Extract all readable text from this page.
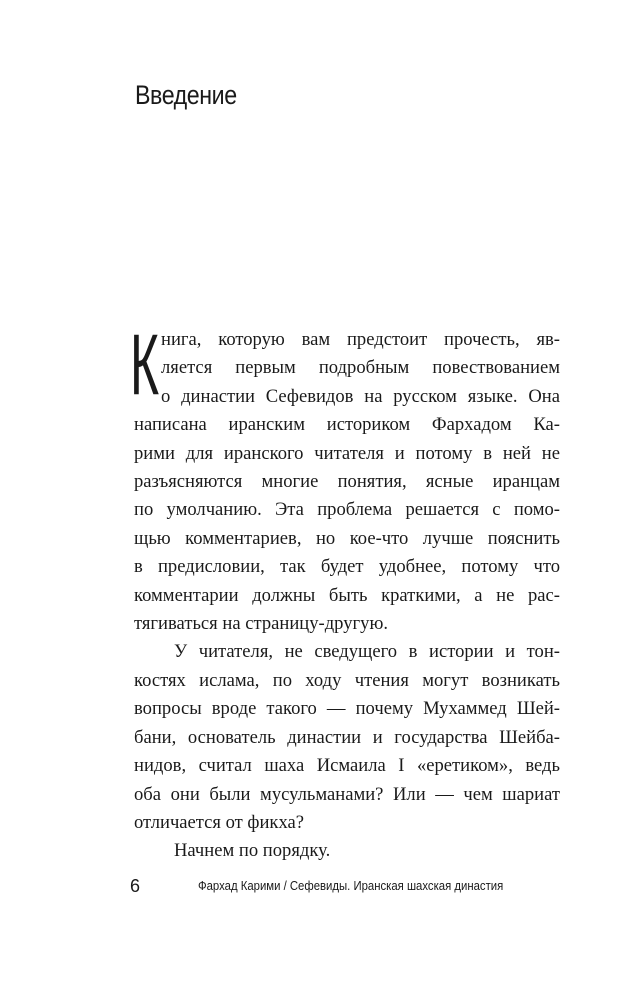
Введение
К нига, которую вам предстоит прочесть, яв-
ляется первым подробным повествованием
о династии Сефевидов на русском языке. Она
написана иранским историком Фархадом Ка-
рими для иранского читателя и потому в ней не
разъясняются многие понятия, ясные иранцам
по умолчанию. Эта проблема решается с помо-
щью комментариев, но кое-что лучше пояснить
в предисловии, так будет удобнее, потому что
комментарии должны быть краткими, а не рас-
тягиваться на страницу-другую.

У читателя, не сведущего в истории и тон-
костях ислама, по ходу чтения могут возникать
вопросы вроде такого — почему Мухаммед Шей-
бани, основатель династии и государства Шейба-
нидов, считал шаха Исмаила I «еретиком», ведь
оба они были мусульманами? Или — чем шариат
отличается от фикха?

Начнем по порядку.

6	Фархад Карими / Сефевиды. Иранская шахская династия
